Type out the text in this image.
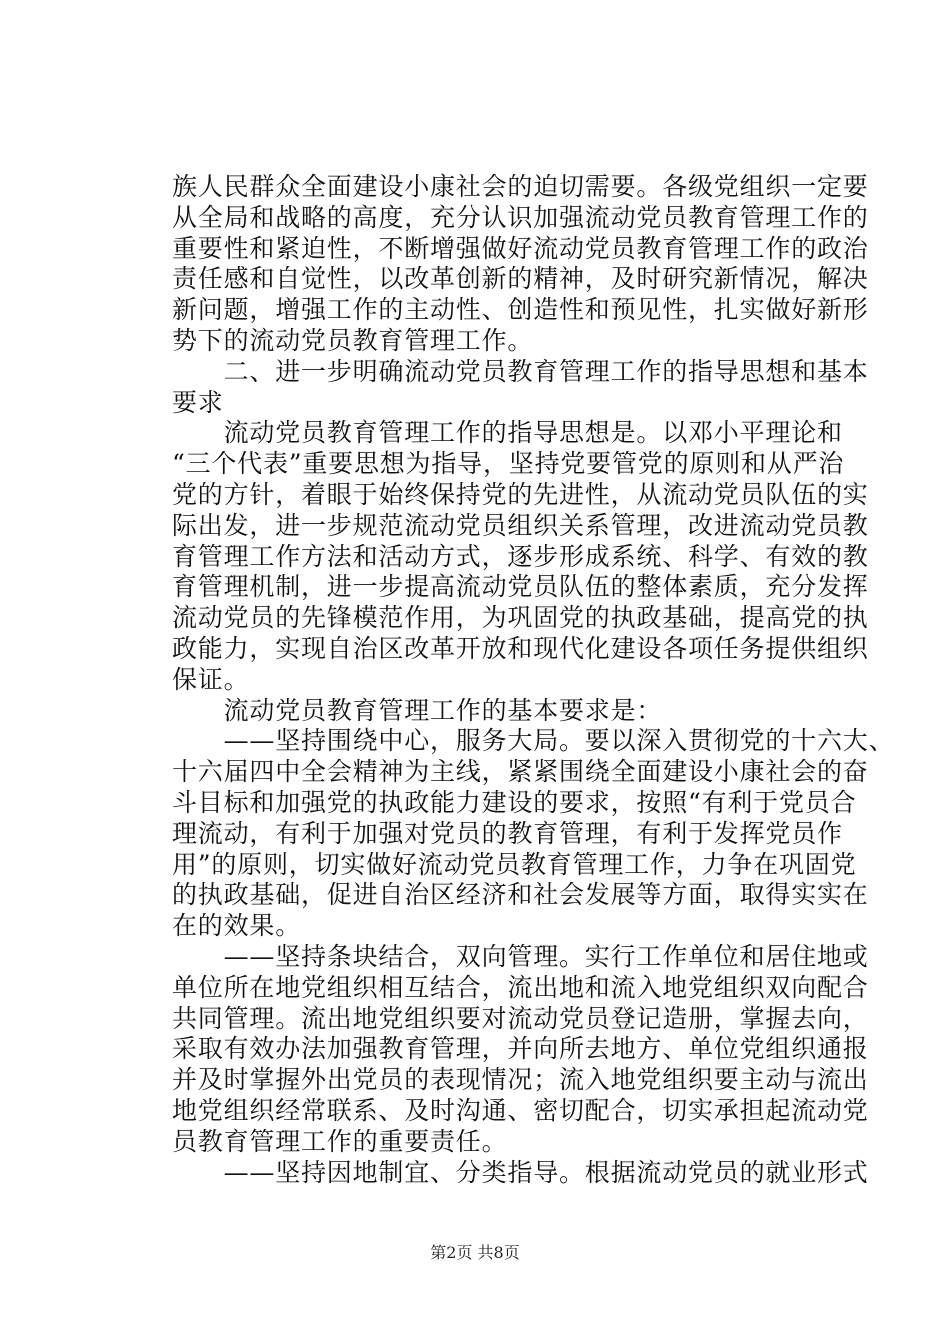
族人民群众全面建设小康社会的迫切需要。各级党组织一定要
从全局和战略的高度，充分认识加强流动党员教育管理工作的
重要性和紧迫性，不断增强做好流动党员教育管理工作的政治
责任感和自觉性，以改革创新的精神，及时研究新情况，解决
新问题，增强工作的主动性、创造性和预见性，扎实做好新形
势下的流动党员教育管理工作。
　　二、进一步明确流动党员教育管理工作的指导思想和基本
要求
　　流动党员教育管理工作的指导思想是。以邓小平理论和
“三个代表”重要思想为指导，坚持党要管党的原则和从严治
党的方针，着眼于始终保持党的先进性，从流动党员队伍的实
际出发，进一步规范流动党员组织关系管理，改进流动党员教
育管理工作方法和活动方式，逐步形成系统、科学、有效的教
育管理机制，进一步提高流动党员队伍的整体素质，充分发挥
流动党员的先锋模范作用，为巩固党的执政基础，提高党的执
政能力，实现自治区改革开放和现代化建设各项任务提供组织
保证。
　　流动党员教育管理工作的基本要求是：
　　——坚持围绕中心，服务大局。要以深入贯彻党的十六大、
十六届四中全会精神为主线，紧紧围绕全面建设小康社会的奋
斗目标和加强党的执政能力建设的要求，按照“有利于党员合
理流动，有利于加强对党员的教育管理，有利于发挥党员作
用”的原则，切实做好流动党员教育管理工作，力争在巩固党
的执政基础，促进自治区经济和社会发展等方面，取得实实在
在的效果。
　　——坚持条块结合，双向管理。实行工作单位和居住地或
单位所在地党组织相互结合，流出地和流入地党组织双向配合
共同管理。流出地党组织要对流动党员登记造册，掌握去向，
采取有效办法加强教育管理，并向所去地方、单位党组织通报
并及时掌握外出党员的表现情况；流入地党组织要主动与流出
地党组织经常联系、及时沟通、密切配合，切实承担起流动党
员教育管理工作的重要责任。
　　——坚持因地制宜、分类指导。根据流动党员的就业形式
第2页 共8页
